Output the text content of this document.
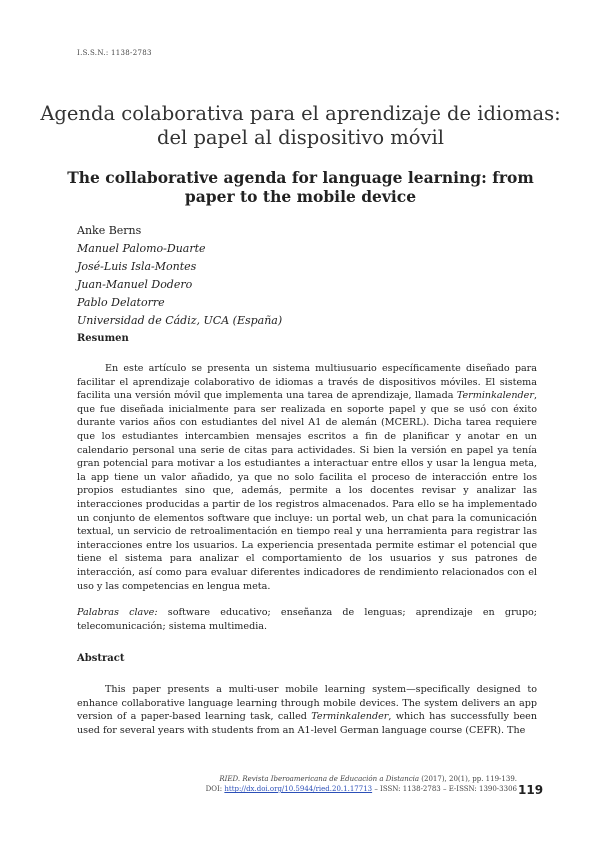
I.S.S.N.: 1138-2783
Agenda colaborativa para el aprendizaje de idiomas: del papel al dispositivo móvil
The collaborative agenda for language learning: from paper to the mobile device
Anke Berns
Manuel Palomo-Duarte
José-Luis Isla-Montes
Juan-Manuel Dodero
Pablo Delatorre
Universidad de Cádiz, UCA (España)
Resumen

En este artículo se presenta un sistema multiusuario específicamente diseñado para facilitar el aprendizaje colaborativo de idiomas a través de dispositivos móviles. El sistema facilita una versión móvil que implementa una tarea de aprendizaje, llamada Terminkalender, que fue diseñada inicialmente para ser realizada en soporte papel y que se usó con éxito durante varios años con estudiantes del nivel A1 de alemán (MCERL). Dicha tarea requiere que los estudiantes intercambien mensajes escritos a fin de planificar y anotar en un calendario personal una serie de citas para actividades. Si bien la versión en papel ya tenía gran potencial para motivar a los estudiantes a interactuar entre ellos y usar la lengua meta, la app tiene un valor añadido, ya que no solo facilita el proceso de interacción entre los propios estudiantes sino que, además, permite a los docentes revisar y analizar las interacciones producidas a partir de los registros almacenados. Para ello se ha implementado un conjunto de elementos software que incluye: un portal web, un chat para la comunicación textual, un servicio de retroalimentación en tiempo real y una herramienta para registrar las interacciones entre los usuarios. La experiencia presentada permite estimar el potencial que tiene el sistema para analizar el comportamiento de los usuarios y sus patrones de interacción, así como para evaluar diferentes indicadores de rendimiento relacionados con el uso y las competencias en lengua meta.

Palabras clave: software educativo; enseñanza de lenguas; aprendizaje en grupo; telecomunicación; sistema multimedia.
Abstract

This paper presents a multi-user mobile learning system—specifically designed to enhance collaborative language learning through mobile devices. The system delivers an app version of a paper-based learning task, called Terminkalender, which has successfully been used for several years with students from an A1-level German language course (CEFR). The

RIED. Revista Iberoamericana de Educación a Distancia (2017), 20(1), pp. 119-139.
DOI: http://dx.doi.org/10.5944/ried.20.1.17713 – ISSN: 1138-2783 – E-ISSN: 1390-3306 119
